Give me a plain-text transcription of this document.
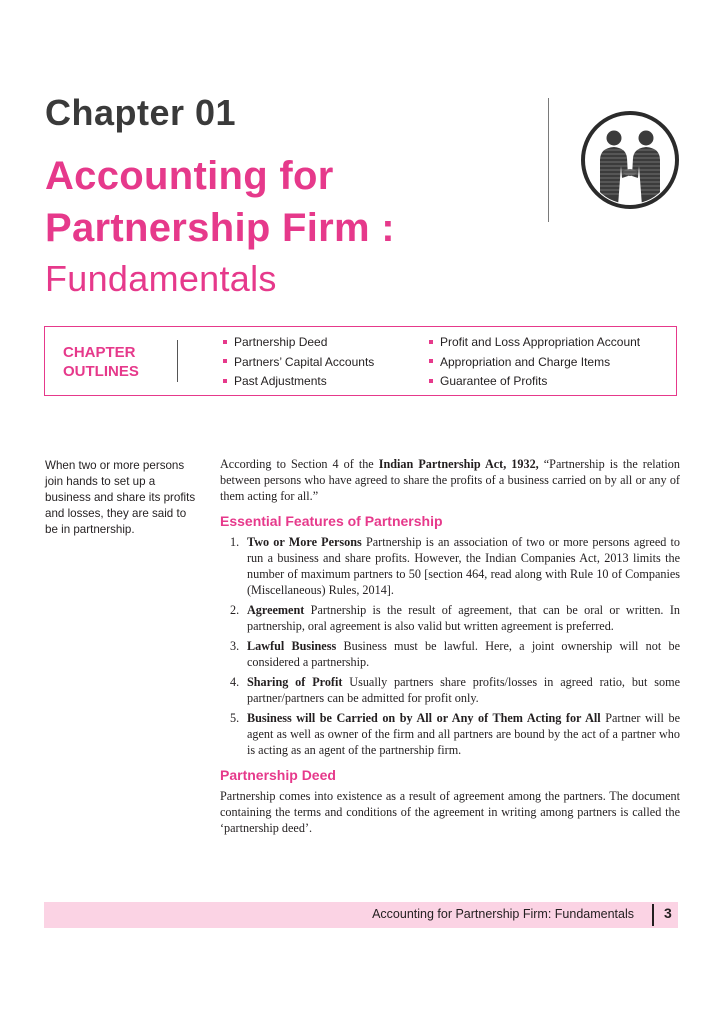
Chapter 01
Accounting for
Partnership Firm :
Fundamentals
CHAPTER
OUTLINES
Partnership Deed
Partners’ Capital Accounts
Past Adjustments
Profit and Loss Appropriation Account
Appropriation and Charge Items
Guarantee of Profits
When two or more persons join hands to set up a business and share its profits and losses, they are said to be in partnership.

According to Section 4 of the Indian Partnership Act, 1932, “Partnership is the relation between persons who have agreed to share the profits of a business carried on by all or any of them acting for all.”

Essential Features of Partnership
1. Two or More Persons Partnership is an association of two or more persons agreed to run a business and share profits. However, the Indian Companies Act, 2013 limits the number of maximum partners to 50 [section 464, read along with Rule 10 of Companies (Miscellaneous) Rules, 2014].
2. Agreement Partnership is the result of agreement, that can be oral or written. In partnership, oral agreement is also valid but written agreement is preferred.
3. Lawful Business Business must be lawful. Here, a joint ownership will not be considered a partnership.
4. Sharing of Profit Usually partners share profits/losses in agreed ratio, but some partner/partners can be admitted for profit only.
5. Business will be Carried on by All or Any of Them Acting for All Partner will be agent as well as owner of the firm and all partners are bound by the act of a partner who is acting as an agent of the partnership firm.
Partnership Deed

Partnership comes into existence as a result of agreement among the partners. The document containing the terms and conditions of the agreement in writing among partners is called the ‘partnership deed’.

Accounting for Partnership Firm: Fundamentals 3
